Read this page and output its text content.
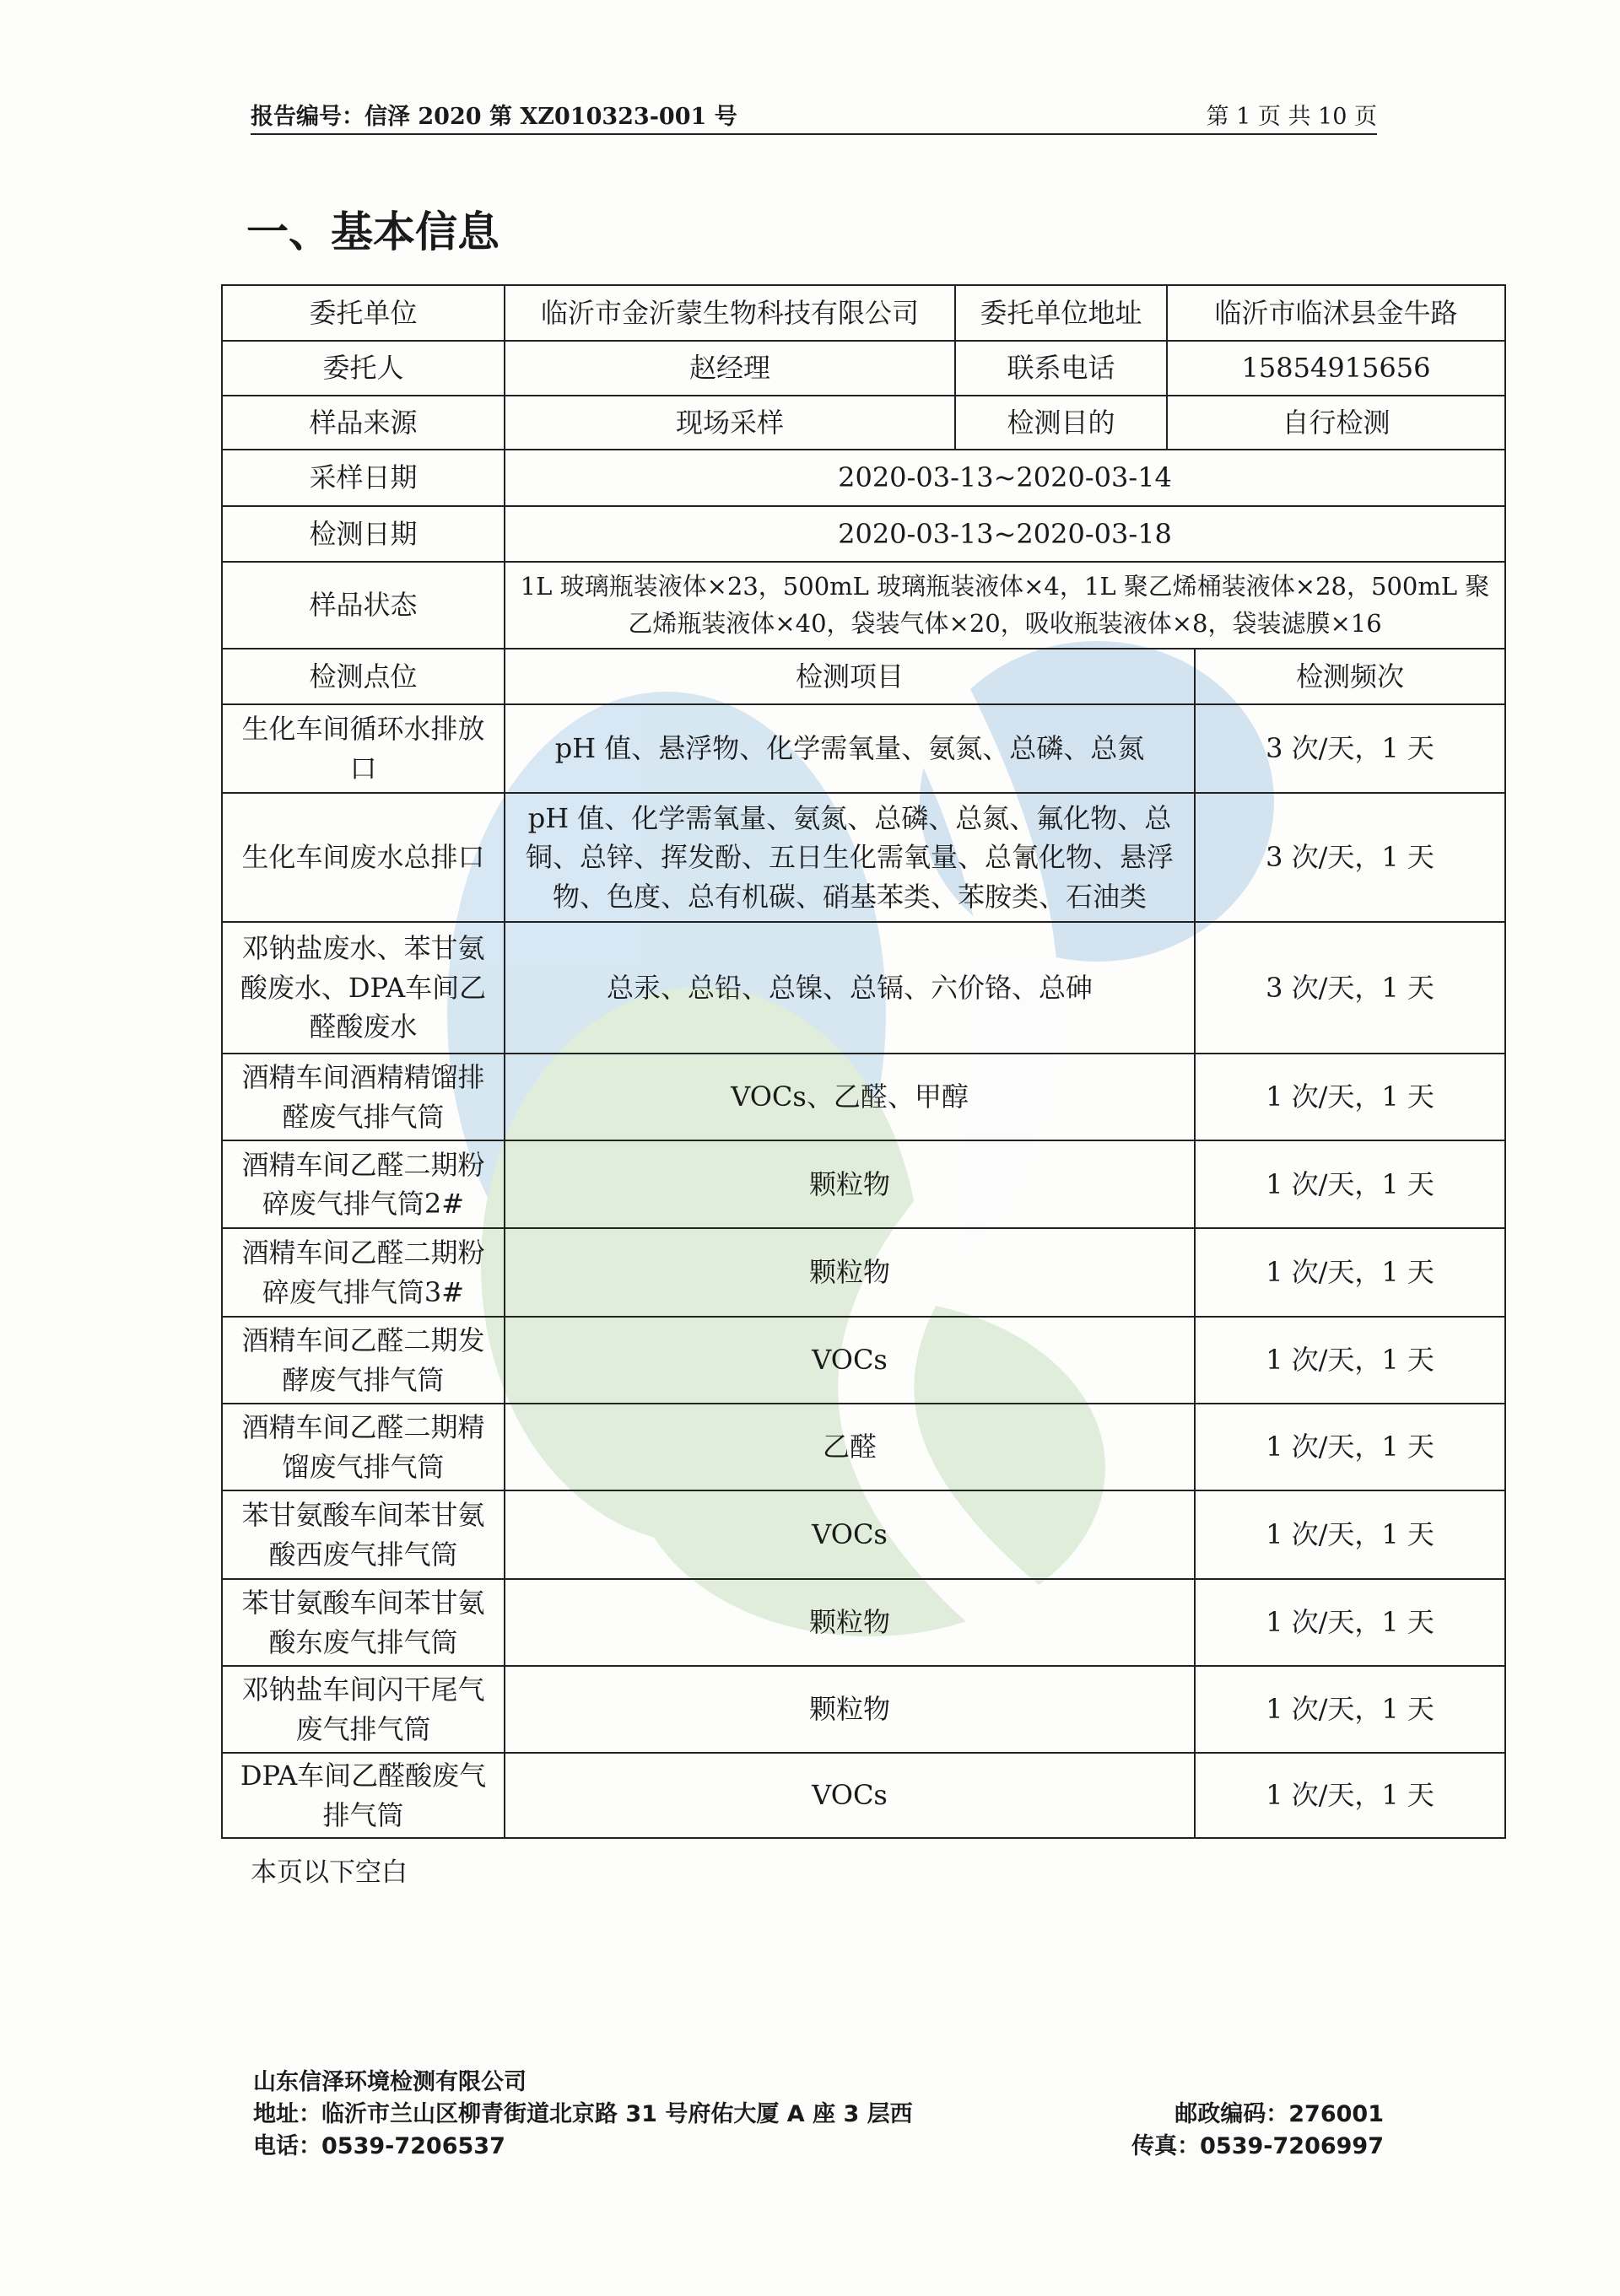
报告编号：信泽 2020 第 XZ010323-001 号	第 1 页 共 10 页
一、基本信息
委托单位	临沂市金沂蒙生物科技有限公司	委托单位地址	临沂市临沭县金牛路	
委托人	赵经理	联系电话	15854915656	
样品来源	现场采样	检测目的	自行检测	
采样日期	2020-03-13~2020-03-14			
检测日期	2020-03-13~2020-03-18			
样品状态	1L 玻璃瓶装液体×23，500mL 玻璃瓶装液体×4，1L 聚乙烯桶装液体×28，500mL 聚乙烯瓶装液体×40，袋装气体×20，吸收瓶装液体×8，袋装滤膜×16			
检测点位	检测项目			检测频次
生化车间循环水排放口	pH 值、悬浮物、化学需氧量、氨氮、总磷、总氮			3 次/天，1 天
生化车间废水总排口	pH 值、化学需氧量、氨氮、总磷、总氮、氟化物、总铜、总锌、挥发酚、五日生化需氧量、总氰化物、悬浮物、色度、总有机碳、硝基苯类、苯胺类、石油类			3 次/天，1 天
邓钠盐废水、苯甘氨酸废水、DPA车间乙醛酸废水	总汞、总铅、总镍、总镉、六价铬、总砷			3 次/天，1 天
酒精车间酒精精馏排醛废气排气筒	VOCs、乙醛、甲醇			1 次/天，1 天
酒精车间乙醛二期粉碎废气排气筒2#	颗粒物			1 次/天，1 天
酒精车间乙醛二期粉碎废气排气筒3#	颗粒物			1 次/天，1 天
酒精车间乙醛二期发酵废气排气筒	VOCs			1 次/天，1 天
酒精车间乙醛二期精馏废气排气筒	乙醛			1 次/天，1 天
苯甘氨酸车间苯甘氨酸西废气排气筒	VOCs			1 次/天，1 天
苯甘氨酸车间苯甘氨酸东废气排气筒	颗粒物			1 次/天，1 天
邓钠盐车间闪干尾气废气排气筒	颗粒物			1 次/天，1 天
DPA车间乙醛酸废气排气筒	VOCs			1 次/天，1 天
本页以下空白
山东信泽环境检测有限公司
地址：临沂市兰山区柳青街道北京路 31 号府佑大厦 A 座 3 层西
电话：0539-7206537
邮政编码：276001
传真：0539-7206997
